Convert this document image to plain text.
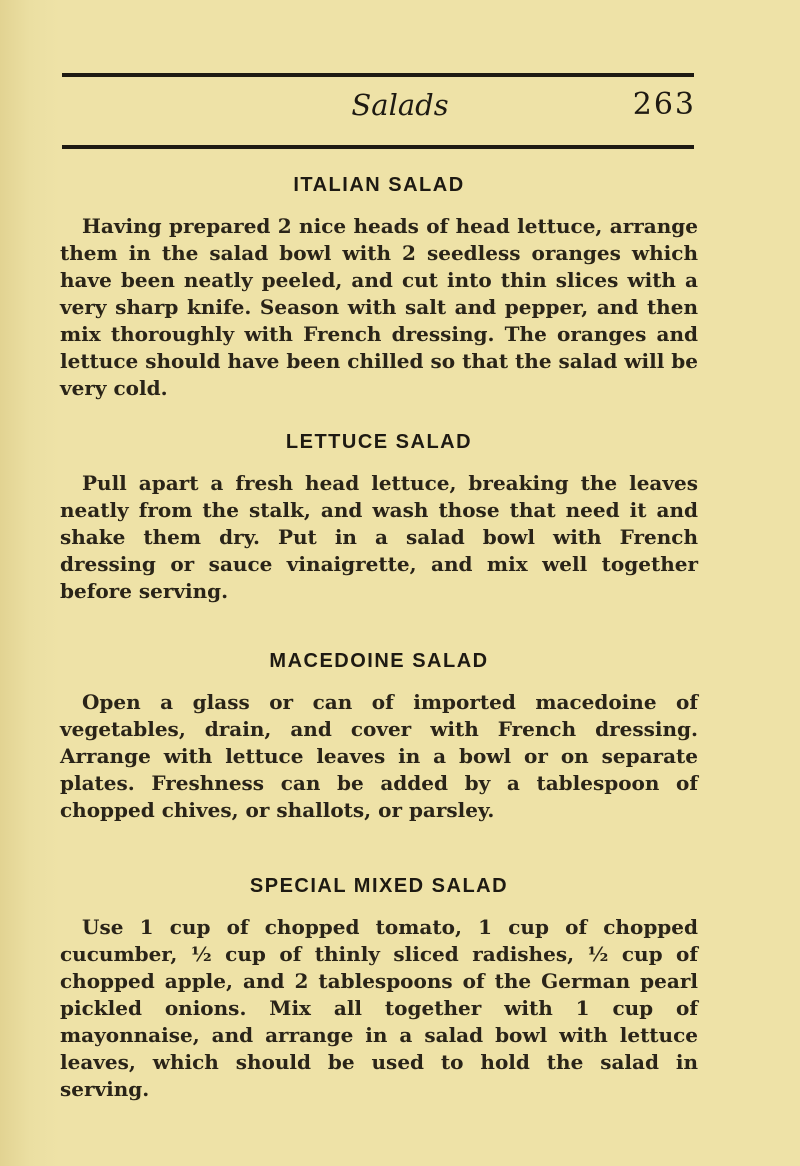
Salads	263
ITALIAN SALAD

Having prepared 2 nice heads of head lettuce, arrange them in the salad bowl with 2 seedless oranges which have been neatly peeled, and cut into thin slices with a very sharp knife. Season with salt and pepper, and then mix thoroughly with French dressing. The oranges and lettuce should have been chilled so that the salad will be very cold.

LETTUCE SALAD

Pull apart a fresh head lettuce, breaking the leaves neatly from the stalk, and wash those that need it and shake them dry. Put in a salad bowl with French dressing or sauce vinaigrette, and mix well together before serving.

MACEDOINE SALAD

Open a glass or can of imported macedoine of vegetables, drain, and cover with French dressing. Arrange with lettuce leaves in a bowl or on separate plates. Freshness can be added by a tablespoon of chopped chives, or shallots, or parsley.

SPECIAL MIXED SALAD

Use 1 cup of chopped tomato, 1 cup of chopped cucumber, ½ cup of thinly sliced radishes, ½ cup of chopped apple, and 2 tablespoons of the German pearl pickled onions. Mix all together with 1 cup of mayonnaise, and arrange in a salad bowl with lettuce leaves, which should be used to hold the salad in serving.
